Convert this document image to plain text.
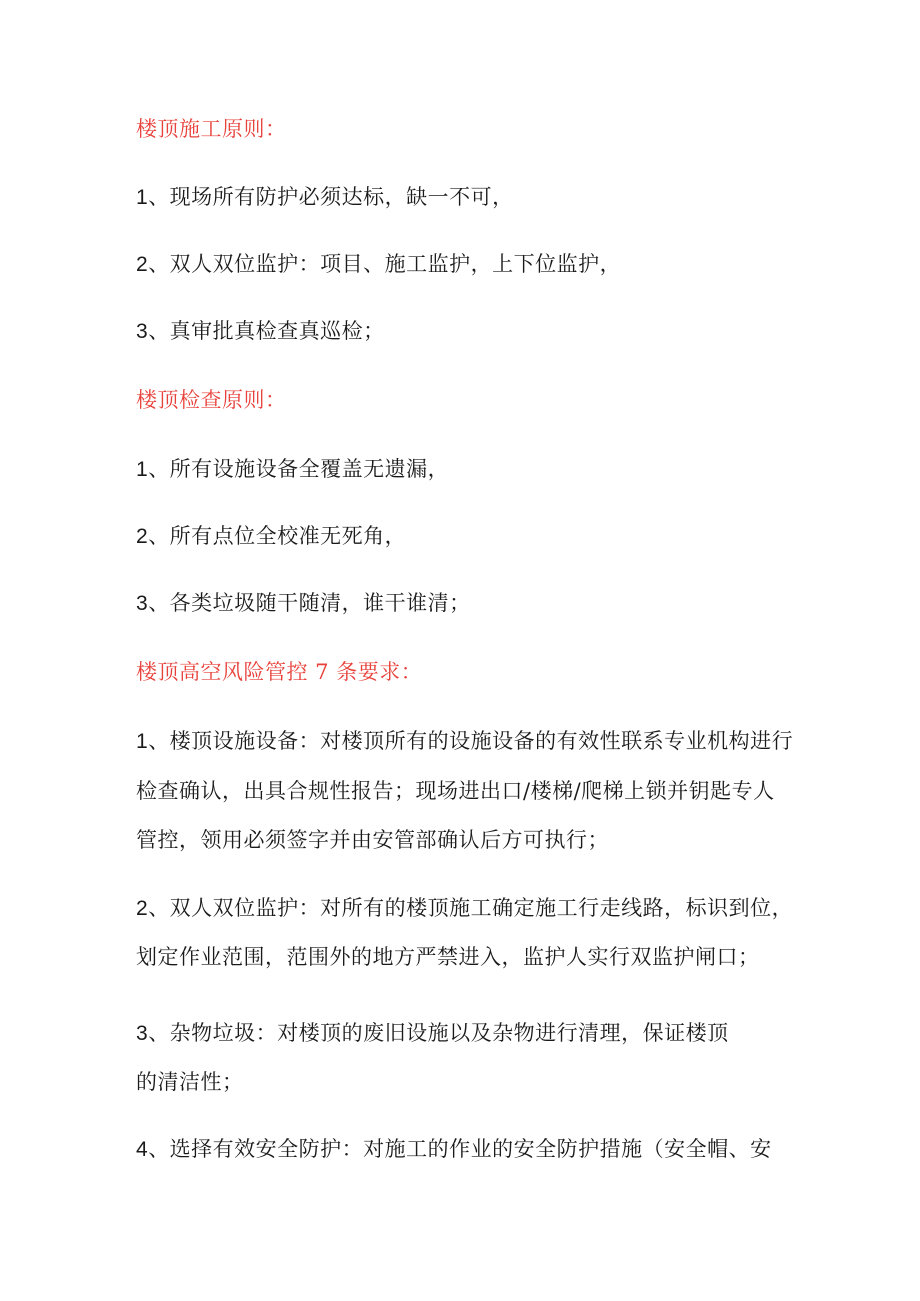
楼顶施工原则：
1、现场所有防护必须达标，缺一不可，
2、双人双位监护：项目、施工监护，上下位监护，
3、真审批真检查真巡检；
楼顶检查原则：
1、所有设施设备全覆盖无遗漏，
2、所有点位全校准无死角，
3、各类垃圾随干随清，谁干谁清；
楼顶高空风险管控 7 条要求：
1、楼顶设施设备：对楼顶所有的设施设备的有效性联系专业机构进行
检查确认，出具合规性报告；现场进出口/楼梯/爬梯上锁并钥匙专人
管控，领用必须签字并由安管部确认后方可执行；
2、双人双位监护：对所有的楼顶施工确定施工行走线路，标识到位，
划定作业范围，范围外的地方严禁进入，监护人实行双监护闸口；
3、杂物垃圾：对楼顶的废旧设施以及杂物进行清理，保证楼顶
的清洁性；
4、选择有效安全防护：对施工的作业的安全防护措施（安全帽、安
